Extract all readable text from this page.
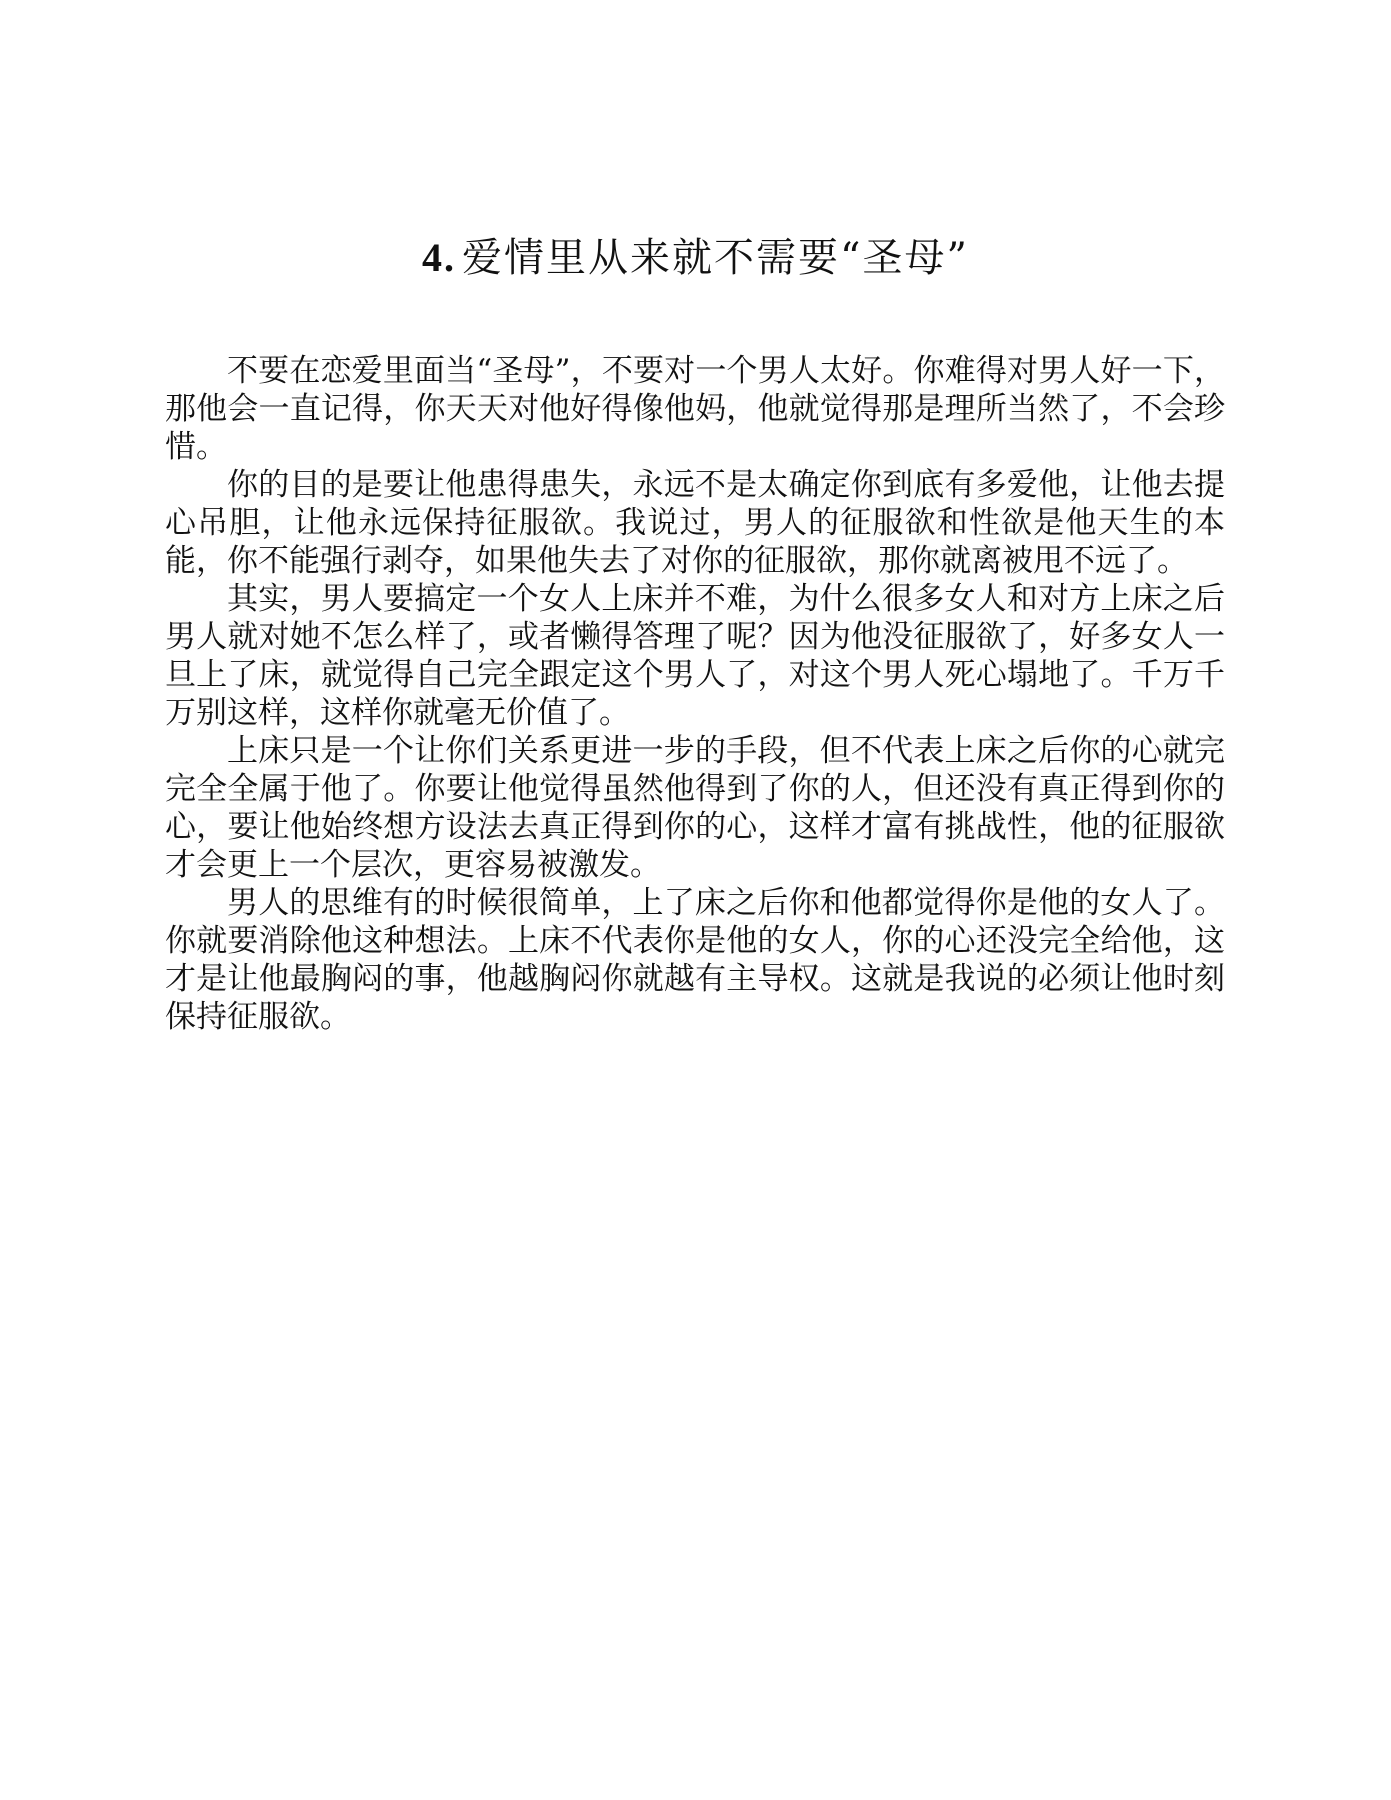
4. 爱情里从来就不需要“圣母”

不要在恋爱里面当“圣母”，不要对一个男人太好。你难得对男人好一下，那他会一直记得，你天天对他好得像他妈，他就觉得那是理所当然了，不会珍惜。

你的目的是要让他患得患失，永远不是太确定你到底有多爱他，让他去提心吊胆，让他永远保持征服欲。我说过，男人的征服欲和性欲是他天生的本能，你不能强行剥夺，如果他失去了对你的征服欲，那你就离被甩不远了。

其实，男人要搞定一个女人上床并不难，为什么很多女人和对方上床之后男人就对她不怎么样了，或者懒得答理了呢？因为他没征服欲了，好多女人一旦上了床，就觉得自己完全跟定这个男人了，对这个男人死心塌地了。千万千万别这样，这样你就毫无价值了。

上床只是一个让你们关系更进一步的手段，但不代表上床之后你的心就完完全全属于他了。你要让他觉得虽然他得到了你的人，但还没有真正得到你的心，要让他始终想方设法去真正得到你的心，这样才富有挑战性，他的征服欲才会更上一个层次，更容易被激发。

男人的思维有的时候很简单，上了床之后你和他都觉得你是他的女人了。你就要消除他这种想法。上床不代表你是他的女人，你的心还没完全给他，这才是让他最胸闷的事，他越胸闷你就越有主导权。这就是我说的必须让他时刻保持征服欲。
